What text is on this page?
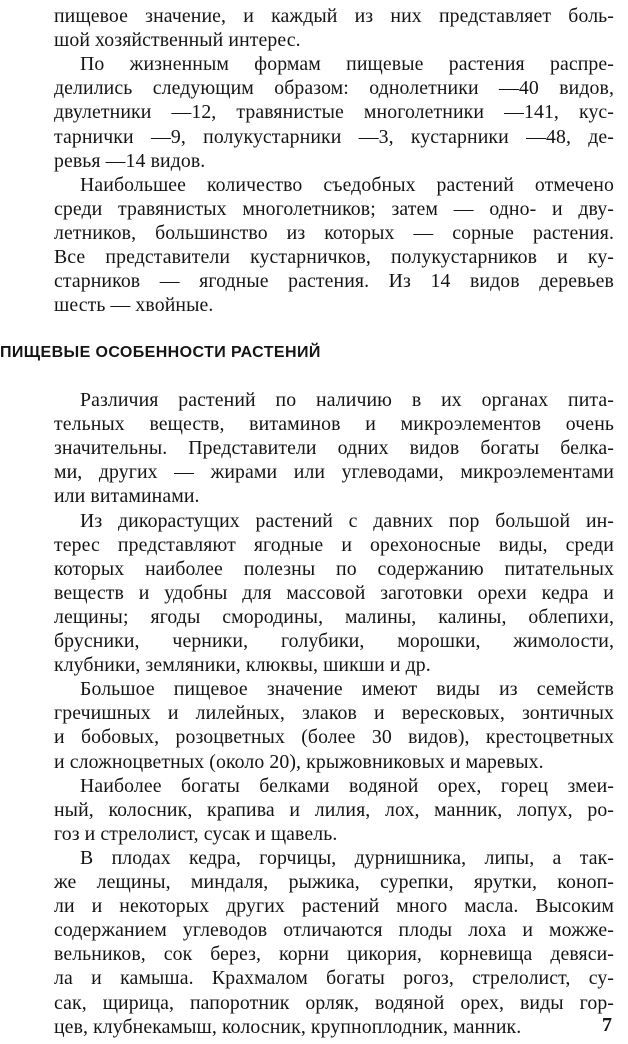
пищевое значение, и каждый из них представляет боль-
шой хозяйственный интерес.
По жизненным формам пищевые растения распре-
делились следующим образом: однолетники —40 видов,
двулетники —12, травянистые многолетники —141, кус-
тарнички —9, полукустарники —3, кустарники —48, де-
ревья —14 видов.
Наибольшее количество съедобных растений отмечено
среди травянистых многолетников; затем — одно- и дву-
летников, большинство из которых — сорные растения.
Все представители кустарничков, полукустарников и ку-
старников — ягодные растения. Из 14 видов деревьев
шесть — хвойные.
Различия растений по наличию в их органах пита-
тельных веществ, витаминов и микроэлементов очень
значительны. Представители одних видов богаты белка-
ми, других — жирами или углеводами, микроэлементами
или витаминами.
Из дикорастущих растений с давних пор большой ин-
терес представляют ягодные и орехоносные виды, среди
которых наиболее полезны по содержанию питательных
веществ и удобны для массовой заготовки орехи кедра и
лещины; ягоды смородины, малины, калины, облепихи,
брусники, черники, голубики, морошки, жимолости,
клубники, земляники, клюквы, шикши и др.
Большое пищевое значение имеют виды из семейств
гречишных и лилейных, злаков и вересковых, зонтичных
и бобовых, розоцветных (более 30 видов), крестоцветных
и сложноцветных (около 20), крыжовниковых и маревых.
Наиболее богаты белками водяной орех, горец змеи-
ный, колосник, крапива и лилия, лох, манник, лопух, ро-
гоз и стрелолист, сусак и щавель.
В плодах кедра, горчицы, дурнишника, липы, а так-
же лещины, миндаля, рыжика, сурепки, ярутки, коноп-
ли и некоторых других растений много масла. Высоким
содержанием углеводов отличаются плоды лоха и можже-
вельников, сок берез, корни цикория, корневища девяси-
ла и камыша. Крахмалом богаты рогоз, стрелолист, су-
сак, щирица, папоротник орляк, водяной орех, виды гор-
цев, клубнекамыш, колосник, крупноплодник, манник.
ПИЩЕВЫЕ ОСОБЕННОСТИ РАСТЕНИЙ
7
